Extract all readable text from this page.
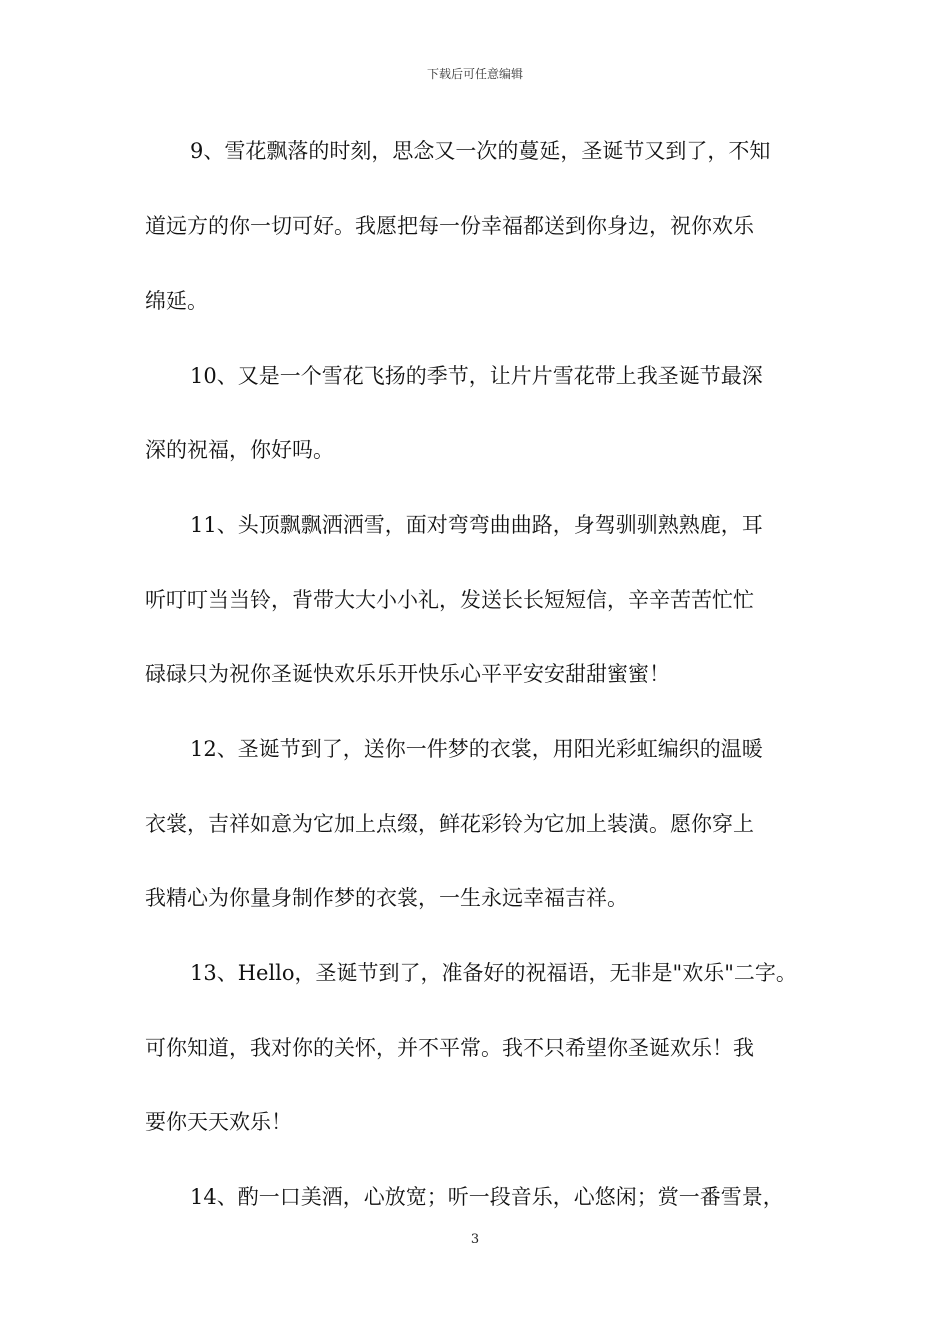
下载后可任意编辑
9、雪花飘落的时刻，思念又一次的蔓延，圣诞节又到了，不知
道远方的你一切可好。我愿把每一份幸福都送到你身边，祝你欢乐
绵延。
10、又是一个雪花飞扬的季节，让片片雪花带上我圣诞节最深
深的祝福，你好吗。
11、头顶飘飘洒洒雪，面对弯弯曲曲路，身驾驯驯熟熟鹿，耳
听叮叮当当铃，背带大大小小礼，发送长长短短信，辛辛苦苦忙忙
碌碌只为祝你圣诞快欢乐乐开快乐心平平安安甜甜蜜蜜！
12、圣诞节到了，送你一件梦的衣裳，用阳光彩虹编织的温暖
衣裳，吉祥如意为它加上点缀，鲜花彩铃为它加上装潢。愿你穿上
我精心为你量身制作梦的衣裳，一生永远幸福吉祥。
13、Hello，圣诞节到了，准备好的祝福语，无非是"欢乐"二字。
可你知道，我对你的关怀，并不平常。我不只希望你圣诞欢乐！我
要你天天欢乐！
14、酌一口美酒，心放宽；听一段音乐，心悠闲；赏一番雪景，
3
